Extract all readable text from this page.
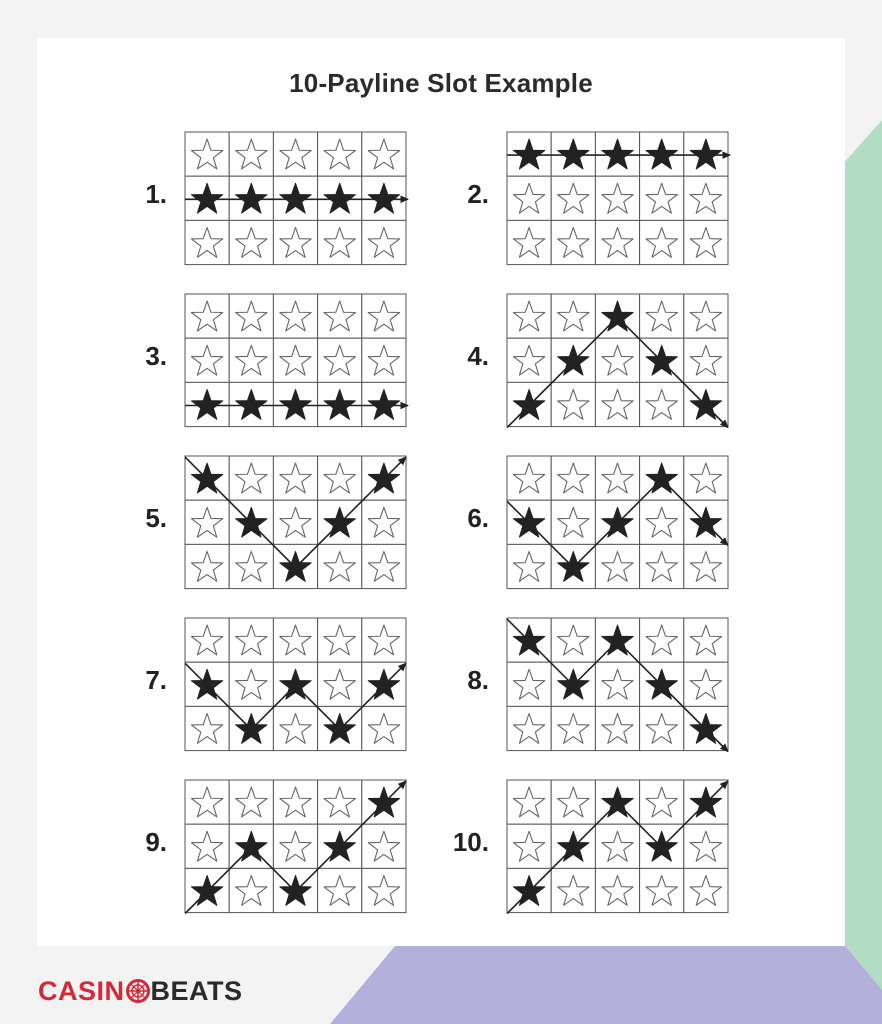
10-Payline Slot Example
1.	2.
3.	4.
5.	6.
7.	8.
9.	10.
CASIN BEATS
